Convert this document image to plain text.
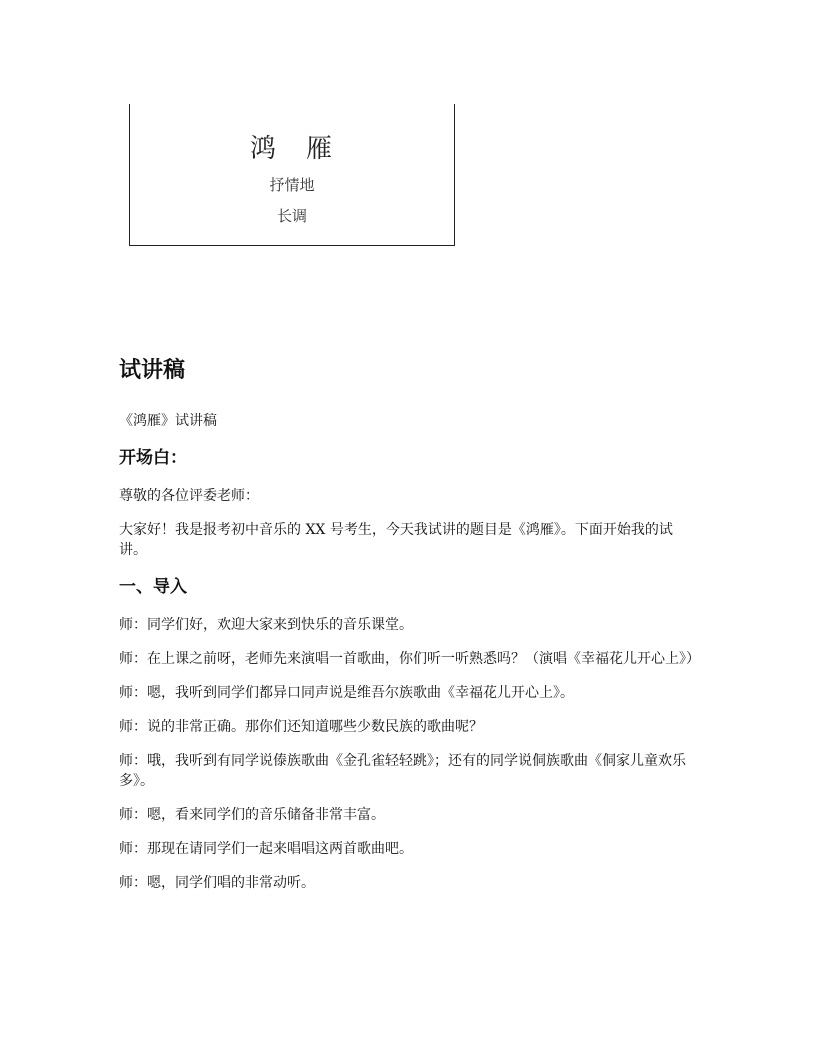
鸿 雁
抒情地
长调
试讲稿

《鸿雁》试讲稿

开场白：

尊敬的各位评委老师：

大家好！我是报考初中音乐的 XX 号考生，今天我试讲的题目是《鸿雁》。下面开始我的试讲。

一、导入

师：同学们好，欢迎大家来到快乐的音乐课堂。

师：在上课之前呀，老师先来演唱一首歌曲，你们听一听熟悉吗？（演唱《幸福花儿开心上》）

师：嗯，我听到同学们都异口同声说是维吾尔族歌曲《幸福花儿开心上》。

师：说的非常正确。那你们还知道哪些少数民族的歌曲呢？

师：哦，我听到有同学说傣族歌曲《金孔雀轻轻跳》；还有的同学说侗族歌曲《侗家儿童欢乐多》。

师：嗯，看来同学们的音乐储备非常丰富。

师：那现在请同学们一起来唱唱这两首歌曲吧。

师：嗯，同学们唱的非常动听。
